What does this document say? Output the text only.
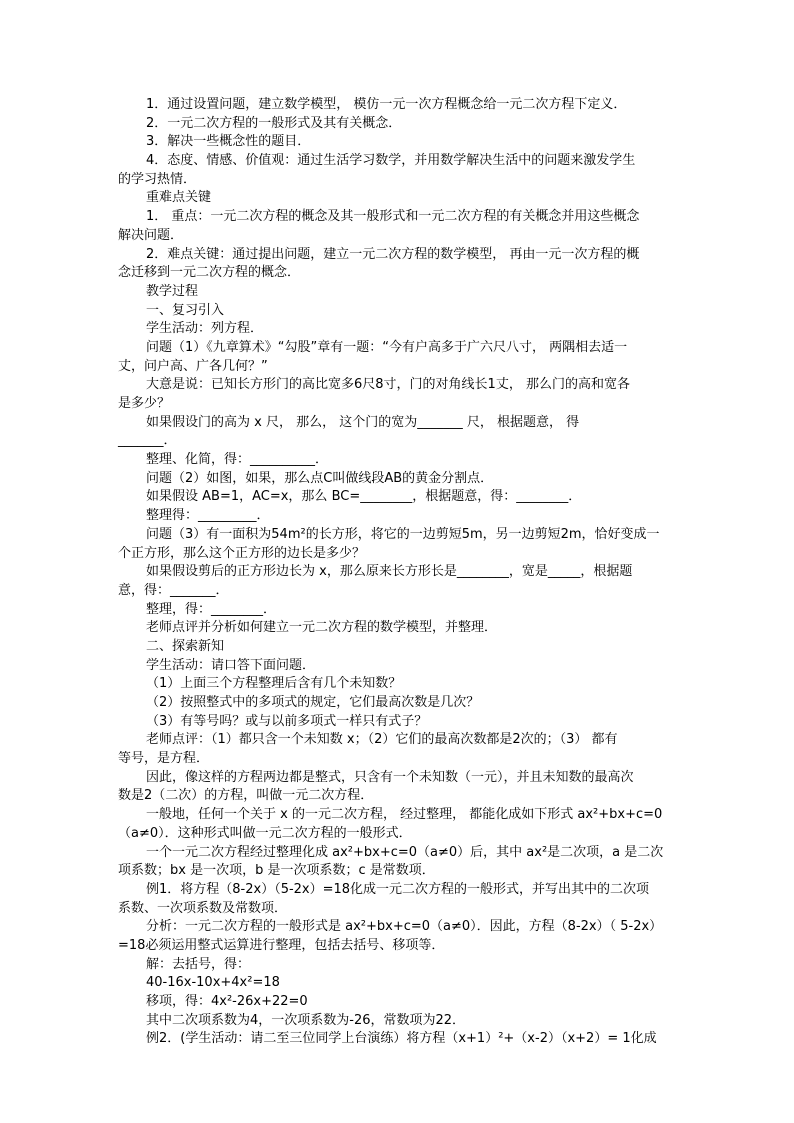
1．通过设置问题，建立数学模型， 模仿一元一次方程概念给一元二次方程下定义．
2．一元二次方程的一般形式及其有关概念．
3．解决一些概念性的题目．
4．态度、情感、价值观：通过生活学习数学，并用数学解决生活中的问题来激发学生
的学习热情．
重难点关键
1． 重点：一元二次方程的概念及其一般形式和一元二次方程的有关概念并用这些概念
解决问题．
2．难点关键：通过提出问题，建立一元二次方程的数学模型， 再由一元一次方程的概
念迁移到一元二次方程的概念．
教学过程
一、复习引入
学生活动：列方程．
问题（1）《九章算术》“勾股”章有一题：“今有户高多于广六尺八寸， 两隅相去适一
丈，问户高、广各几何？”
大意是说：已知长方形门的高比宽多6尺8寸，门的对角线长1丈， 那么门的高和宽各
是多少？
如果假设门的高为 x 尺， 那么， 这个门的宽为_______ 尺， 根据题意， 得
_______．
整理、化简，得：__________．
问题（2）如图，如果，那么点C叫做线段AB的黄金分割点．
如果假设 AB=1，AC=x，那么 BC=________，根据题意，得：________．
整理得：_________．
问题（3）有一面积为54m²的长方形，将它的一边剪短5m，另一边剪短2m，恰好变成一
个正方形，那么这个正方形的边长是多少？
如果假设剪后的正方形边长为 x，那么原来长方形长是________，宽是_____，根据题
意，得：_______．
整理，得：________．
老师点评并分析如何建立一元二次方程的数学模型，并整理．
二、探索新知
学生活动：请口答下面问题．
（1）上面三个方程整理后含有几个未知数？
（2）按照整式中的多项式的规定，它们最高次数是几次？
（3）有等号吗？或与以前多项式一样只有式子？
老师点评：（1）都只含一个未知数 x；（2）它们的最高次数都是2次的；（3） 都有
等号，是方程．
因此，像这样的方程两边都是整式，只含有一个未知数（一元），并且未知数的最高次
数是2（二次）的方程，叫做一元二次方程．
一般地，任何一个关于 x 的一元二次方程， 经过整理， 都能化成如下形式 ax²+bx+c=0
（a≠0）．这种形式叫做一元二次方程的一般形式．
一个一元二次方程经过整理化成 ax²+bx+c=0（a≠0）后，其中 ax²是二次项，a 是二次
项系数；bx 是一次项，b 是一次项系数；c 是常数项．
例1．将方程（8-2x）（5-2x）=18化成一元二次方程的一般形式，并写出其中的二次项
系数、一次项系数及常数项．
分析：一元二次方程的一般形式是 ax²+bx+c=0（a≠0）．因此，方程（8-2x）（ 5-2x）
=18必须运用整式运算进行整理，包括去括号、移项等．
解：去括号，得：
40-16x-10x+4x²=18
移项，得：4x²-26x+22=0
其中二次项系数为4，一次项系数为-26，常数项为22．
例2．(学生活动：请二至三位同学上台演练）将方程（x+1）²+（x-2）（x+2）= 1化成
